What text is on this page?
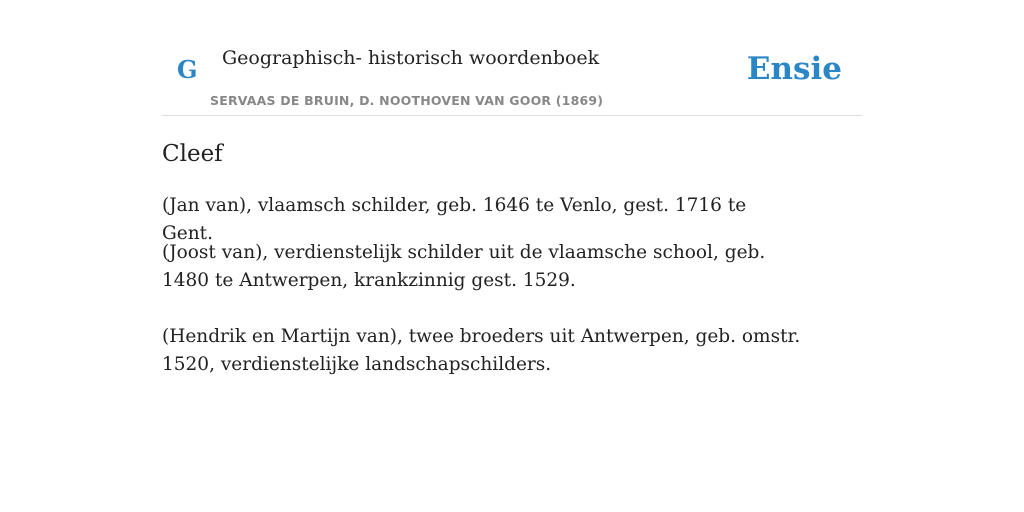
G Geographisch- historisch woordenboek
SERVAAS DE BRUIN, D. NOOTHOVEN VAN GOOR (1869)
Ensie
Cleef

(Jan van), vlaamsch schilder, geb. 1646 te Venlo, gest. 1716 te Gent.

(Joost van), verdienstelijk schilder uit de vlaamsche school, geb. 1480 te Antwerpen, krankzinnig gest. 1529.

(Hendrik en Martijn van), twee broeders uit Antwerpen, geb. omstr. 1520, verdienstelijke landschapschilders.
